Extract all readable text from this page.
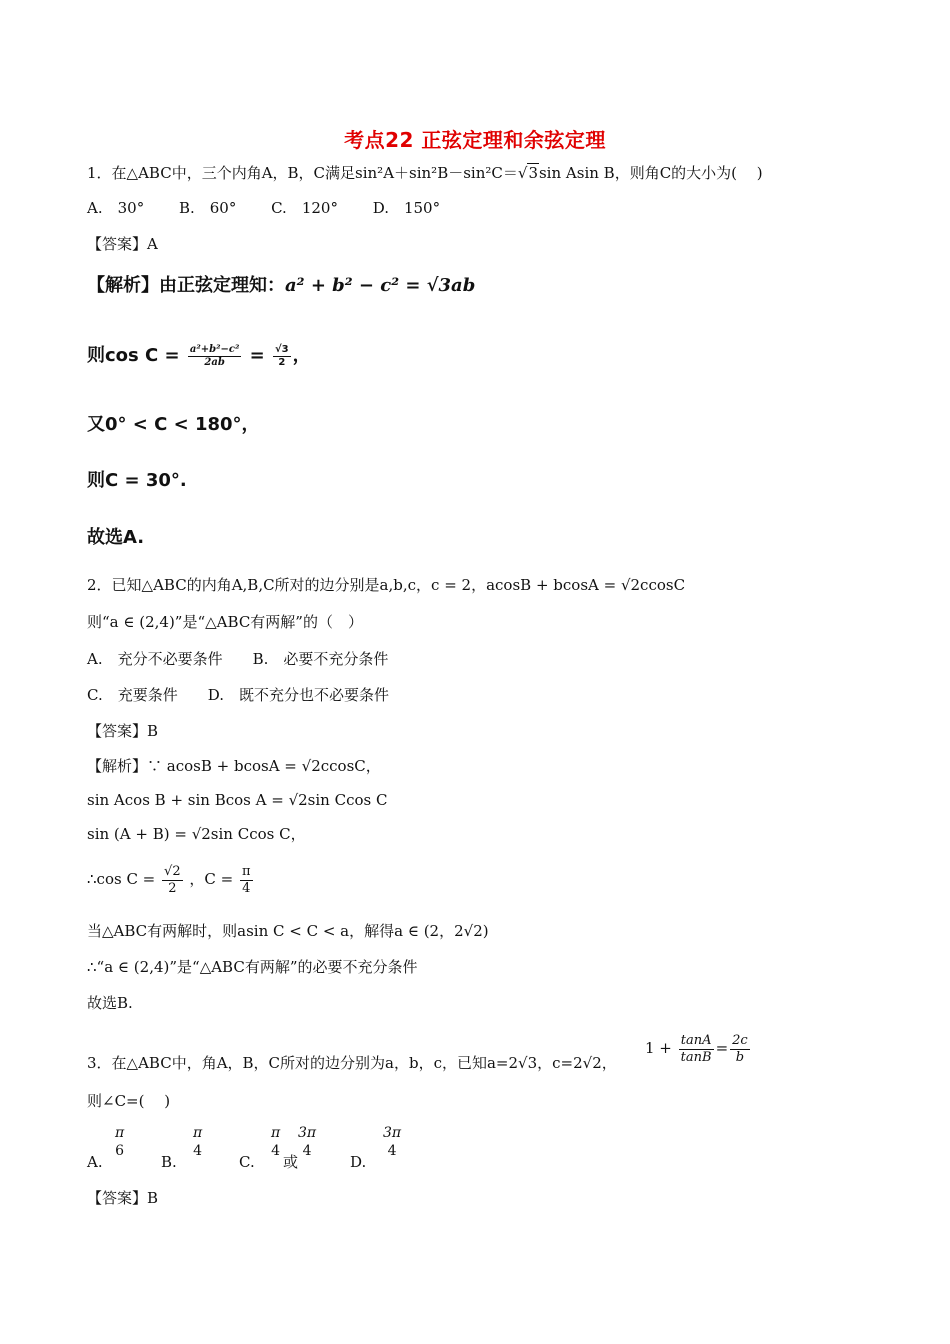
考点22 正弦定理和余弦定理
1．在△ABC中，三个内角A，B，C满足sin²A＋sin²B－sin²C＝√3sin Asin B，则角C的大小为(　 )
A.　30°　　 B.　60°　　 C.　120°　　 D.　150°
【答案】A
【解析】由正弦定理知：a² + b² − c² = √3ab
则$\cos C = \frac{\text{a²+b²−c²}}{2ab} = \frac{√3}{2}$ ，
又0° < C < 180°，
则C = 30°.
故选A.
2．已知△ABC的内角A,B,C所对的边分别是a,b,c，c = 2，acosB + bcosA = √2ccosC
则“a ∈ (2,4)”是“△ABC有两解”的（　）
A.　充分不必要条件　　B.　必要不充分条件
C.　充要条件　　D.　既不充分也不必要条件
【答案】B
【解析】∵ acosB + bcosA = √2ccosC，
sin Acos B + sin Bcos A = √2sin Ccos C
sin (A + B) = √2sin Ccos C，
∴cos $C = \frac{√2}{2}$ ，$C = \frac{\pi}{4}$
当△ABC有两解时，则asin C < C < a，解得a ∈ (2，2√2)
∴“a ∈ (2,4)”是“△ABC有两解”的必要不充分条件
故选B.
3．在△ABC中，角A，B，C所对的边分别为a，b，c，已知a=2√3，c=2√2，
$1 + \frac{\tan A}{\tan B} = \frac{2c}{b}$
则∠C=(　 )
A.
π
6
B.
π
4
C.
π
4
或
3π
4
D.
3π
4
【答案】B
